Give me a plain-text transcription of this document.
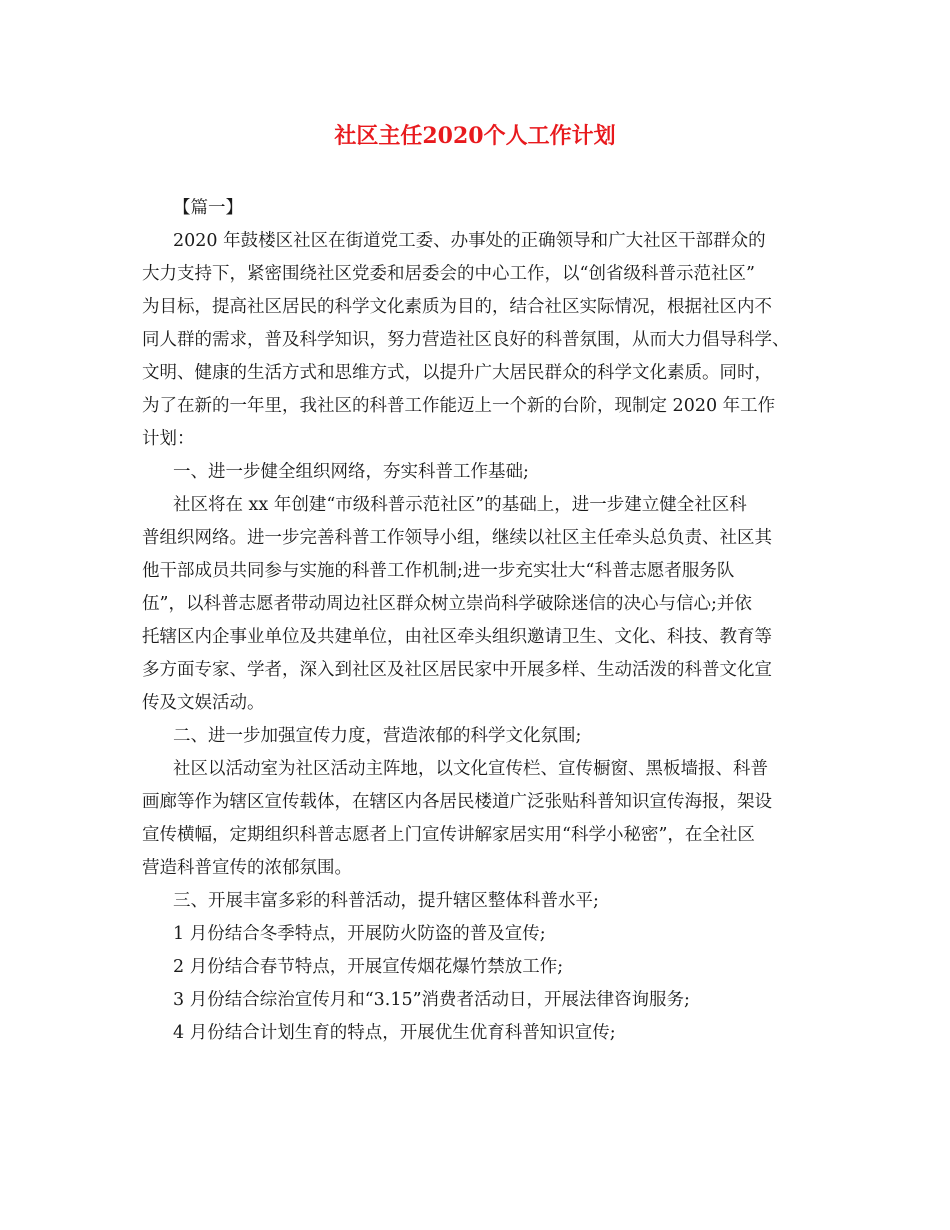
社区主任2020个人工作计划
【篇一】
2020 年鼓楼区社区在街道党工委、办事处的正确领导和广大社区干部群众的
大力支持下，紧密围绕社区党委和居委会的中心工作，以“创省级科普示范社区”
为目标，提高社区居民的科学文化素质为目的，结合社区实际情况，根据社区内不
同人群的需求，普及科学知识，努力营造社区良好的科普氛围，从而大力倡导科学、
文明、健康的生活方式和思维方式，以提升广大居民群众的科学文化素质。同时，
为了在新的一年里，我社区的科普工作能迈上一个新的台阶，现制定 2020 年工作
计划：
一、进一步健全组织网络，夯实科普工作基础;
社区将在 xx 年创建“市级科普示范社区”的基础上，进一步建立健全社区科
普组织网络。进一步完善科普工作领导小组，继续以社区主任牵头总负责、社区其
他干部成员共同参与实施的科普工作机制;进一步充实壮大“科普志愿者服务队
伍”，以科普志愿者带动周边社区群众树立崇尚科学破除迷信的决心与信心;并依
托辖区内企事业单位及共建单位，由社区牵头组织邀请卫生、文化、科技、教育等
多方面专家、学者，深入到社区及社区居民家中开展多样、生动活泼的科普文化宣
传及文娱活动。
二、进一步加强宣传力度，营造浓郁的科学文化氛围;
社区以活动室为社区活动主阵地，以文化宣传栏、宣传橱窗、黑板墙报、科普
画廊等作为辖区宣传载体，在辖区内各居民楼道广泛张贴科普知识宣传海报，架设
宣传横幅，定期组织科普志愿者上门宣传讲解家居实用“科学小秘密”，在全社区
营造科普宣传的浓郁氛围。
三、开展丰富多彩的科普活动，提升辖区整体科普水平;
1 月份结合冬季特点，开展防火防盗的普及宣传;
2 月份结合春节特点，开展宣传烟花爆竹禁放工作;
3 月份结合综治宣传月和“3.15”消费者活动日，开展法律咨询服务;
4 月份结合计划生育的特点，开展优生优育科普知识宣传;
